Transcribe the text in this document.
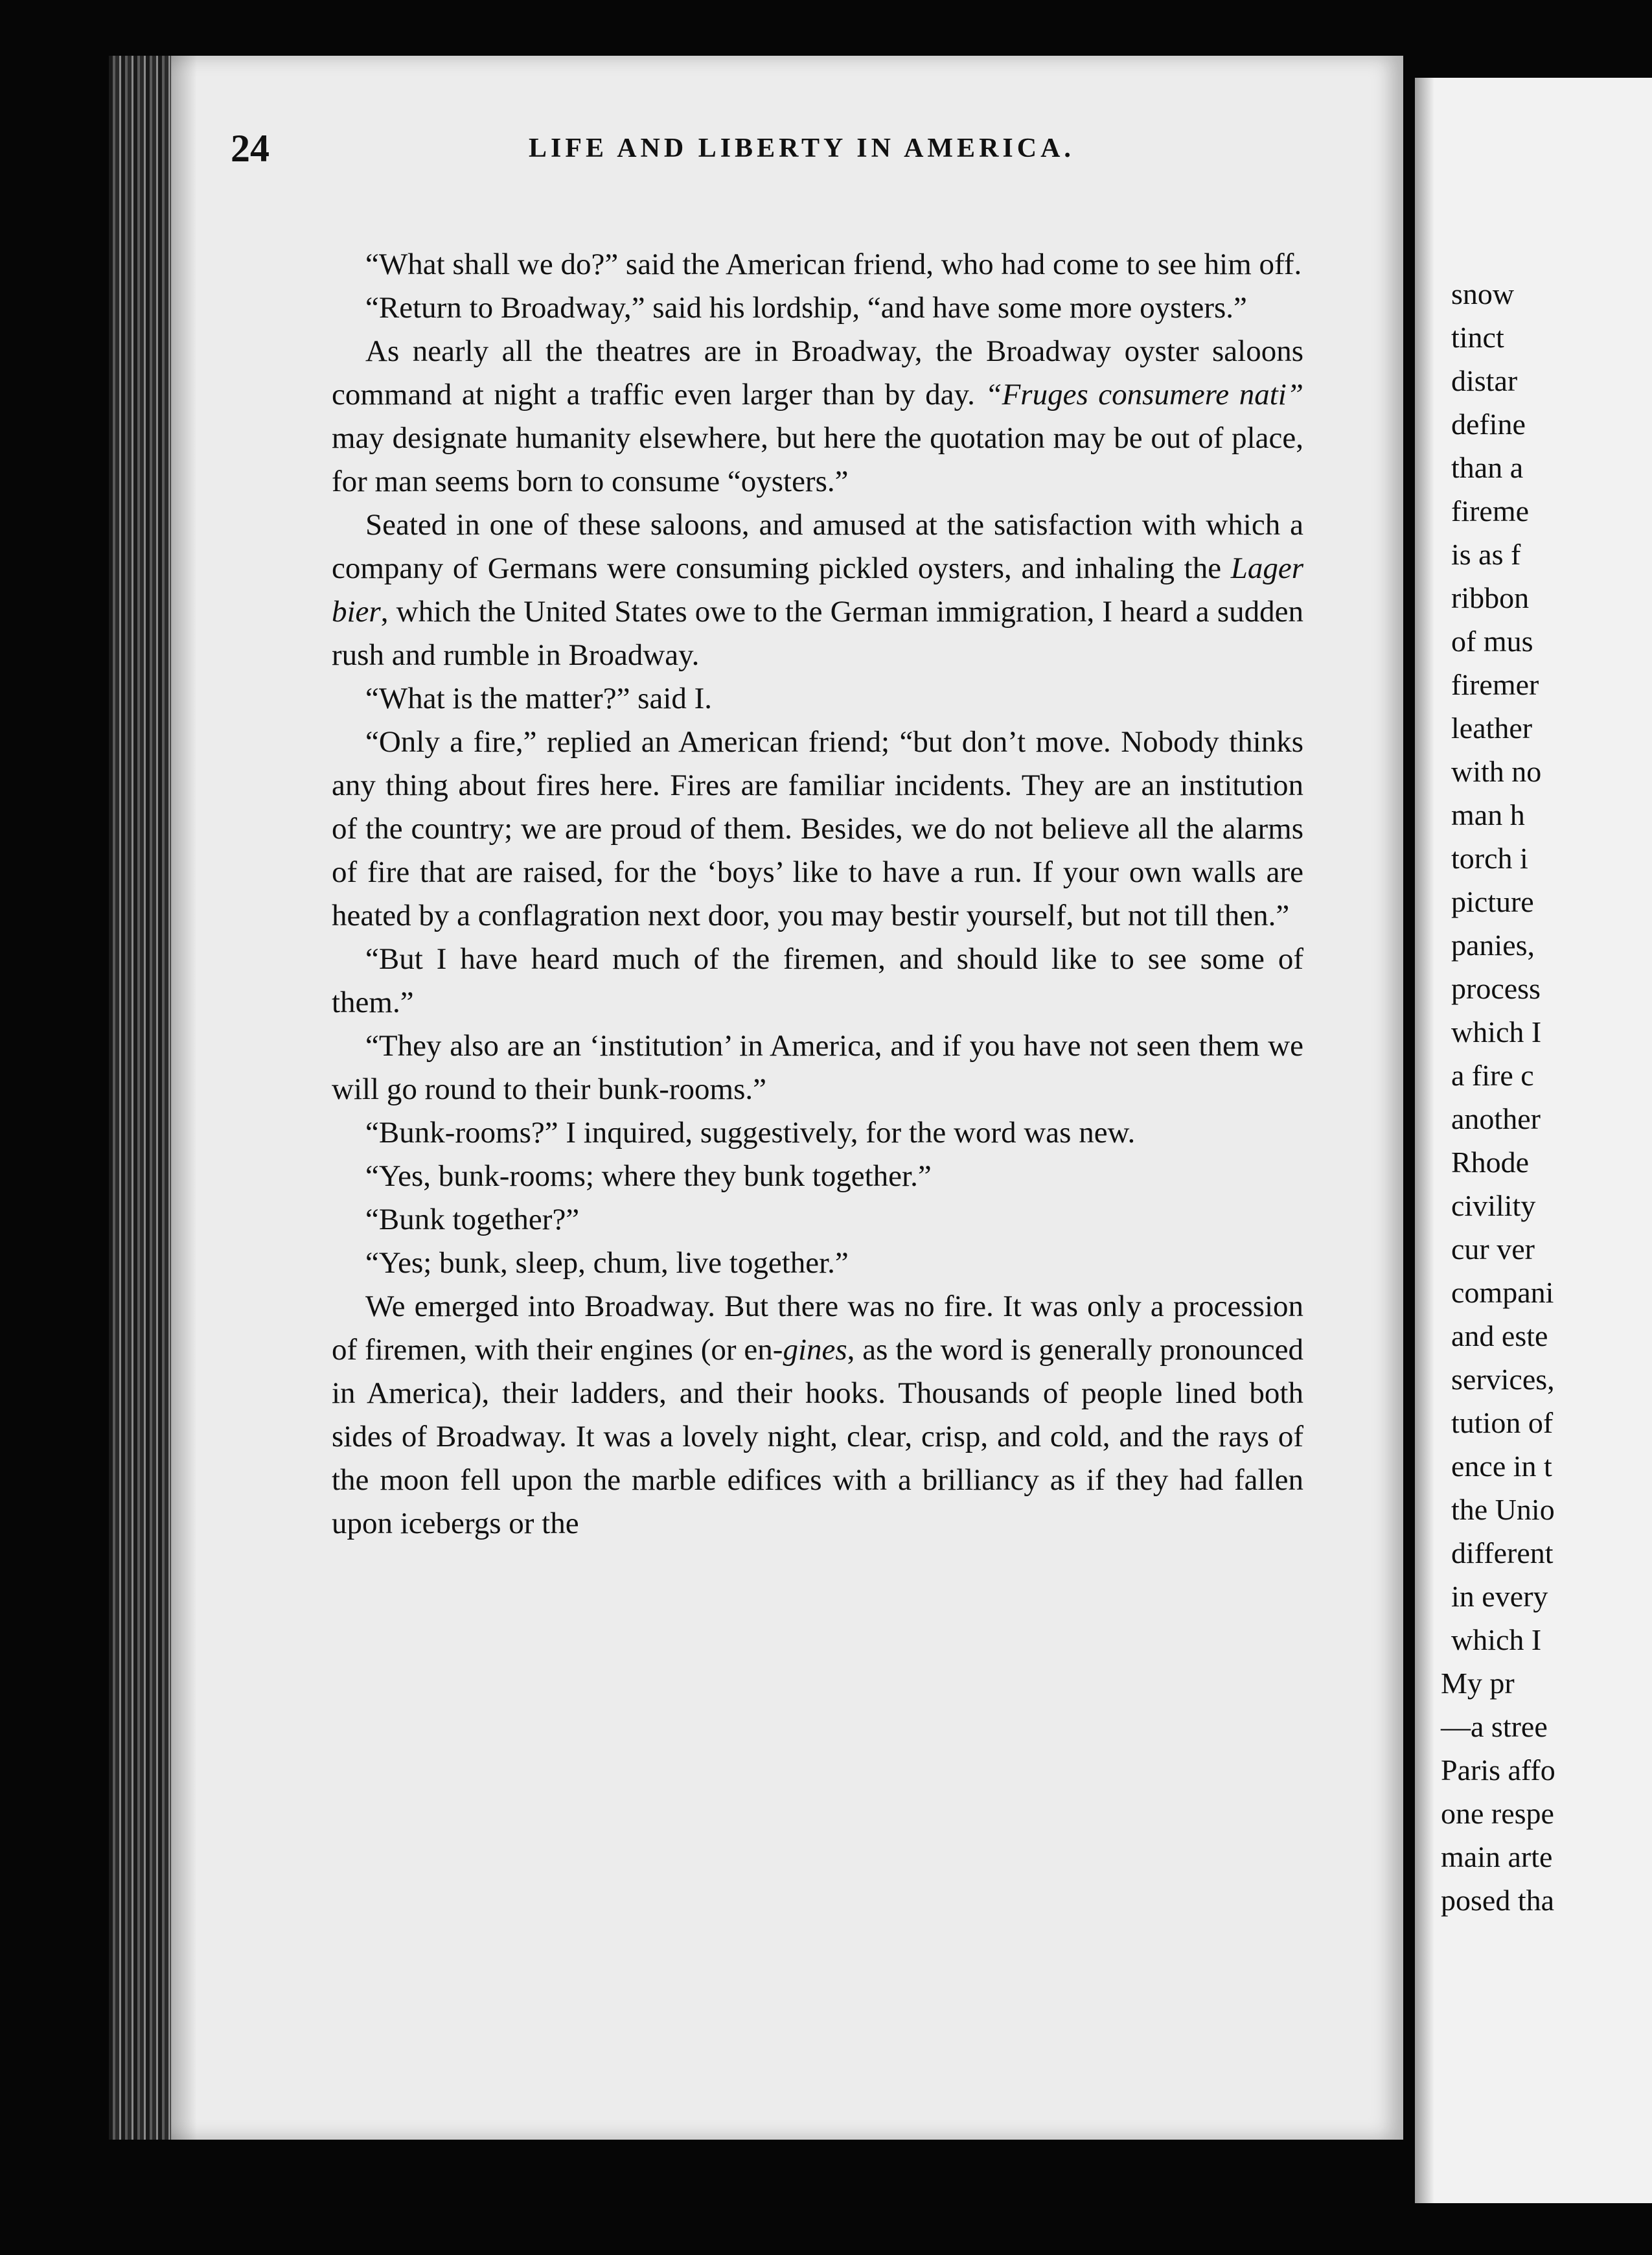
24	LIFE AND LIBERTY IN AMERICA.

“What shall we do?” said the American friend, who had come to see him off.

“Return to Broadway,” said his lordship, “and have some more oysters.”

As nearly all the theatres are in Broadway, the Broadway oyster saloons command at night a traffic even larger than by day. “Fruges consumere nati” may designate humanity elsewhere, but here the quotation may be out of place, for man seems born to consume “oysters.”

Seated in one of these saloons, and amused at the satisfaction with which a company of Germans were consuming pickled oysters, and inhaling the Lager bier, which the United States owe to the German immigration, I heard a sudden rush and rumble in Broadway.

“What is the matter?” said I.

“Only a fire,” replied an American friend; “but don’t move. Nobody thinks any thing about fires here. Fires are familiar incidents. They are an institution of the country; we are proud of them. Besides, we do not believe all the alarms of fire that are raised, for the ‘boys’ like to have a run. If your own walls are heated by a conflagration next door, you may bestir yourself, but not till then.”

“But I have heard much of the firemen, and should like to see some of them.”

“They also are an ‘institution’ in America, and if you have not seen them we will go round to their bunk-rooms.”

“Bunk-rooms?” I inquired, suggestively, for the word was new.

“Yes, bunk-rooms; where they bunk together.”

“Bunk together?”

“Yes; bunk, sleep, chum, live together.”

We emerged into Broadway. But there was no fire. It was only a procession of firemen, with their engines (or en-gines, as the word is generally pronounced in America), their ladders, and their hooks. Thousands of people lined both sides of Broadway. It was a lovely night, clear, crisp, and cold, and the rays of the moon fell upon the marble edifices with a brilliancy as if they had fallen upon icebergs or the

snow
tinct
distar
define
than a
fireme
is as f
ribbon
of mus
firemer
leather
with no
man h
torch i
picture
panies,
process
which I
a fire c
another
Rhode
civility
cur ver
compani
and este
services,
tution of
ence in t
the Unio
different
in every
which I
My pr
—a stree
Paris affo
one respe
main arte
posed tha
